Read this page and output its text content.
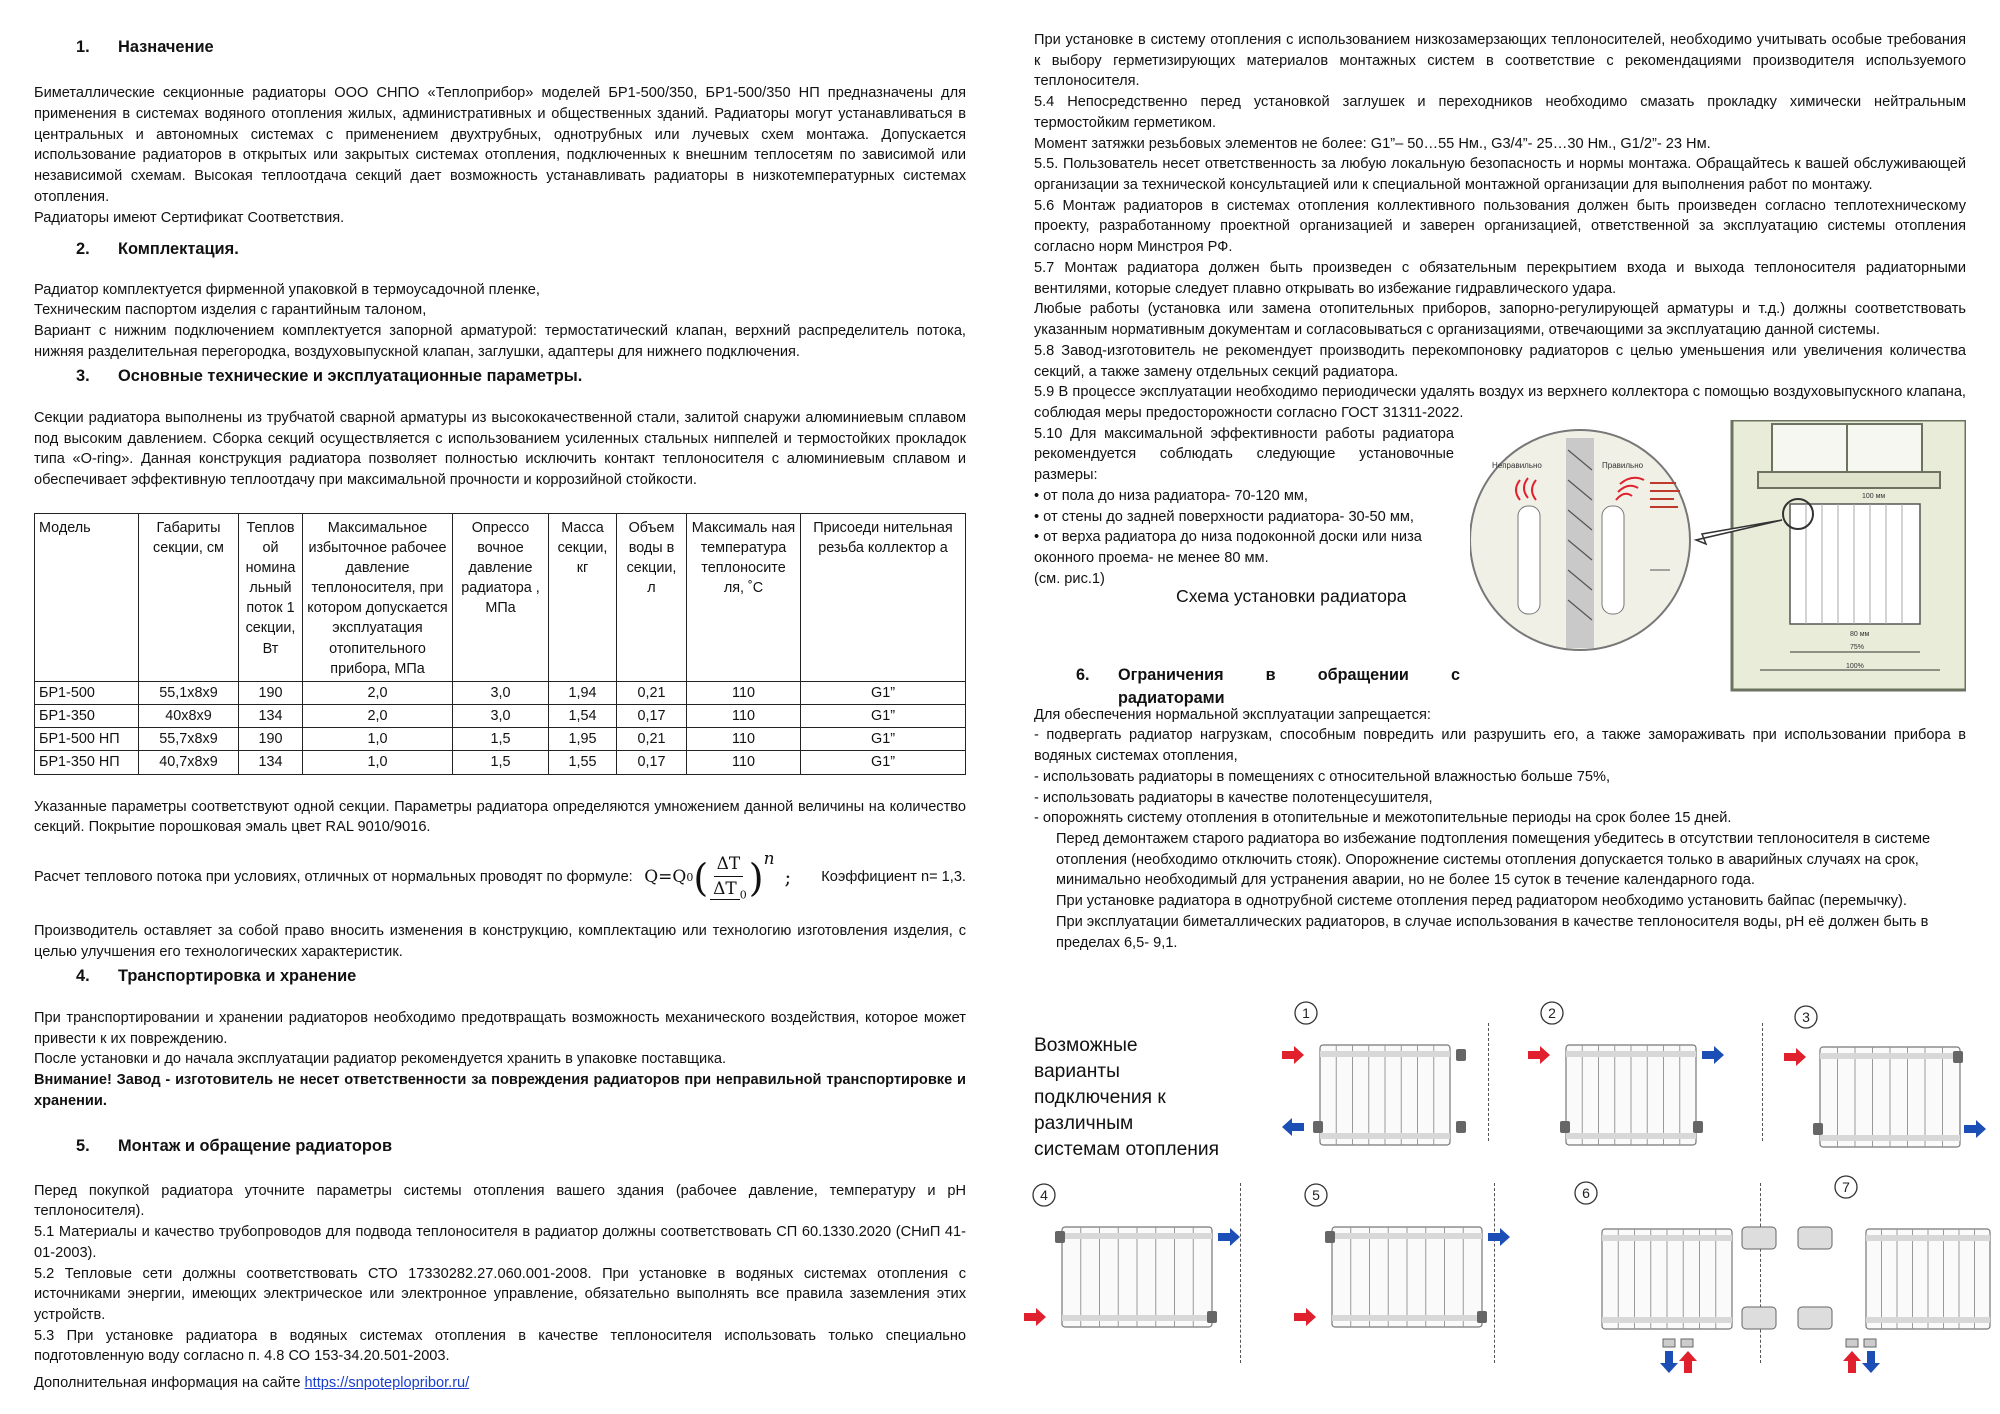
1.	Назначение
Биметаллические секционные радиаторы ООО СНПО «Теплоприбор» моделей БР1-500/350, БР1-500/350 НП предназначены для применения в системах водяного отопления жилых, административных и общественных зданий. Радиаторы могут устанавливаться в центральных и автономных системах с применением двухтрубных, однотрубных или лучевых схем монтажа. Допускается использование радиаторов в открытых или закрытых системах отопления, подключенных к внешним теплосетям по зависимой или независимой схемам. Высокая теплоотдача секций дает возможность устанавливать радиаторы в низкотемпературных системах отопления.
Радиаторы имеют Сертификат Соответствия.
2.	Комплектация.
Радиатор комплектуется фирменной упаковкой в термоусадочной пленке,
Техническим паспортом изделия с гарантийным талоном,
Вариант с нижним подключением комплектуется запорной арматурой: термостатический клапан, верхний распределитель потока, нижняя разделительная перегородка, воздуховыпускной клапан, заглушки, адаптеры для нижнего подключения.
3.	Основные технические и эксплуатационные параметры.
Секции радиатора выполнены из трубчатой сварной арматуры из высококачественной стали, залитой снаружи алюминиевым сплавом под высоким давлением. Сборка секций осуществляется с использованием усиленных стальных ниппелей и термостойких прокладок типа «O-ring». Данная конструкция радиатора позволяет полностью исключить контакт теплоносителя с алюминиевым сплавом и обеспечивает эффективную теплоотдачу при максимальной прочности и коррозийной стойкости.
Модель	Габариты секции, см	Теплов ой номина льный поток 1 секции, Вт	Максимальное избыточное рабочее давление теплоносителя, при котором допускается эксплуатация отопительного прибора, МПа	Опрессо вочное давление радиатора , МПа	Масса секции, кг	Объем воды в секции, л	Максималь ная температура теплоносите ля, ˚С	Присоеди нительная резьба коллектор а
БР1-500	55,1х8х9	190	2,0	3,0	1,94	0,21	110	G1”
БР1-350	40х8х9	134	2,0	3,0	1,54	0,17	110	G1”
БР1-500 НП	55,7х8х9	190	1,0	1,5	1,95	0,21	110	G1”
БР1-350 НП	40,7х8х9	134	1,0	1,5	1,55	0,17	110	G1”
Указанные параметры соответствуют одной секции. Параметры радиатора определяются умножением данной величины на количество секций. Покрытие порошковая эмаль цвет RAL 9010/9016.
Расчет теплового потока при условиях, отличных от нормальных проводят по формуле: Q=Q 0 ( $\frac{\Delta T}{\Delta T _0} )^n$
; Коэффициент n= 1,3.
Производитель оставляет за собой право вносить изменения в конструкцию, комплектацию или технологию изготовления изделия, с целью улучшения его технологических характеристик.
4.	Транспортировка и хранение
При транспортировании и хранении радиаторов необходимо предотвращать возможность механического воздействия, которое может привести к их повреждению.
После установки и до начала эксплуатации радиатор рекомендуется хранить в упаковке поставщика.
Внимание! Завод - изготовитель не несет ответственности за повреждения радиаторов при неправильной транспортировке и хранении.
5.	Монтаж и обращение радиаторов
Перед покупкой радиатора уточните параметры системы отопления вашего здания (рабочее давление, температуру и pH теплоносителя).
5.1 Материалы и качество трубопроводов для подвода теплоносителя в радиатор должны соответствовать СП 60.1330.2020 (СНиП 41-01-2003).
5.2 Тепловые сети должны соответствовать СТО 17330282.27.060.001-2008. При установке в водяных системах отопления с источниками энергии, имеющих электрическое или электронное управление, обязательно выполнять все правила заземления этих устройств.
5.3 При установке радиатора в водяных системах отопления в качестве теплоносителя использовать только специально подготовленную воду согласно п. 4.8 СО 153-34.20.501-2003.
Дополнительная информация на сайте https://snpoteplopribor.ru/
При установке в систему отопления с использованием низкозамерзающих теплоносителей, необходимо учитывать особые требования к выбору герметизирующих материалов монтажных систем в соответствие с рекомендациями производителя используемого теплоносителя.
5.4 Непосредственно перед установкой заглушек и переходников необходимо смазать прокладку химически нейтральным термостойким герметиком.
Момент затяжки резьбовых элементов не более: G1”– 50…55 Нм., G3/4”- 25…30 Нм., G1/2”- 23 Нм.
5.5. Пользователь несет ответственность за любую локальную безопасность и нормы монтажа. Обращайтесь к вашей обслуживающей организации за технической консультацией или к специальной монтажной организации для выполнения работ по монтажу.
5.6 Монтаж радиаторов в системах отопления коллективного пользования должен быть произведен согласно теплотехническому проекту, разработанному проектной организацией и заверен организацией, ответственной за эксплуатацию системы отопления согласно норм Минстроя РФ.
5.7 Монтаж радиатора должен быть произведен с обязательным перекрытием входа и выхода теплоносителя радиаторными вентилями, которые следует плавно открывать во избежание гидравлического удара.
Любые работы (установка или замена отопительных приборов, запорно-регулирующей арматуры и т.д.) должны соответствовать указанным нормативным документам и согласовываться с организациями, отвечающими за эксплуатацию данной системы.
5.8 Завод-изготовитель не рекомендует производить перекомпоновку радиаторов с целью уменьшения или увеличения количества секций, а также замену отдельных секций радиатора.
5.9 В процессе эксплуатации необходимо периодически удалять воздух из верхнего коллектора с помощью воздуховыпускного клапана, соблюдая меры предосторожности согласно ГОСТ 31311-2022.
5.10 Для максимальной эффективности работы радиатора рекомендуется соблюдать следующие установочные размеры:
• от пола до низа радиатора- 70-120 мм,
• от стены до задней поверхности радиатора- 30-50 мм,
• от верха радиатора до низа подоконной доски или низа оконного проема- не менее 80 мм.
(см. рис.1)
Схема установки радиатора
6.	Ограничения в обращении с
радиаторами
100 мм
80 мм
75%
100%
Неправильно	Правильно
Для обеспечения нормальной эксплуатации запрещается:
- подвергать радиатор нагрузкам, способным повредить или разрушить его, а также замораживать при использовании прибора в водяных системах отопления,
- использовать радиаторы в помещениях с относительной влажностью больше 75%,
- использовать радиаторы в качестве полотенцесушителя,
- опорожнять систему отопления в отопительные и межотопительные периоды на срок более 15 дней.
Перед демонтажем старого радиатора во избежание подтопления помещения убедитесь в отсутствии теплоносителя в системе отопления (необходимо отключить стояк). Опорожнение системы отопления допускается только в аварийных случаях на срок, минимально необходимый для устранения аварии, но не более 15 суток в течение календарного года.
При установке радиатора в однотрубной системе отопления перед радиатором необходимо установить байпас (перемычку). При эксплуатации биметаллических радиаторов, в случае использования в качестве теплоносителя воды, pH её должен быть в пределах 6,5- 9,1.
Возможные варианты подключения к различным системам отопления
1	2	3
4	5	6	7
